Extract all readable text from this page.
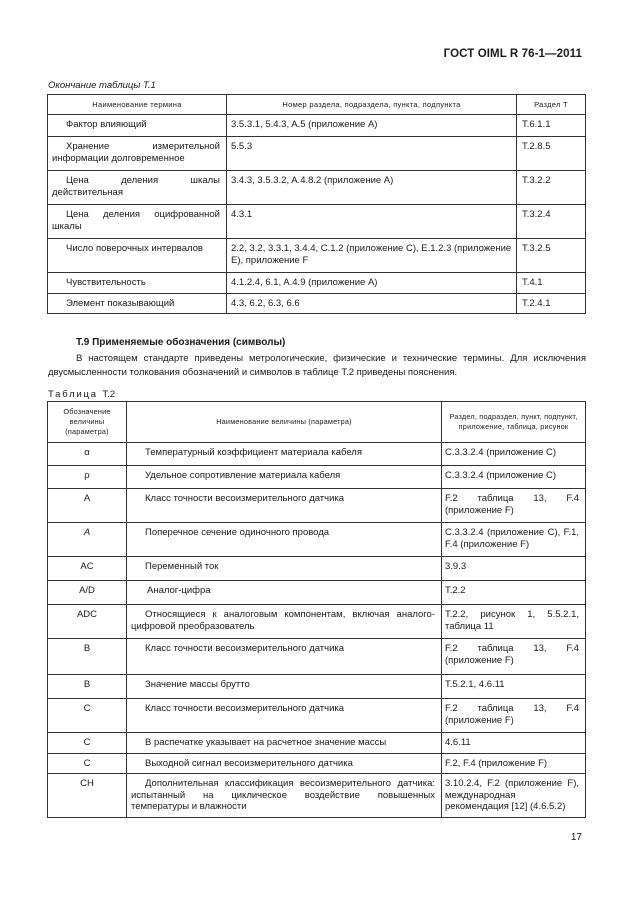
ГОСТ OIML R 76-1—2011
Окончание таблицы Т.1
Наименование термина	Номер раздела, подраздела, пункта, подпункта	Раздел Т
Фактор влияющий	3.5.3.1, 5.4.3, A.5 (приложение А)	Т.6.1.1
Хранение измерительной информации долговременное	5.5.3	Т.2.8.5
Цена деления шкалы действительная	3.4.3, 3.5.3.2, A.4.8.2 (приложение А)	Т.3.2.2
Цена деления оцифрованной шкалы	4.3.1	Т.3.2.4
Число поверочных интервалов	2.2, 3.2, 3.3.1, 3.4.4, C.1.2 (приложение С), E.1.2.3 (приложение Е), приложение F	Т.3.2.5
Чувствительность	4.1.2.4, 6.1, A.4.9 (приложение А)	Т.4.1
Элемент показывающий	4.3, 6.2, 6.3, 6.6	Т.2.4.1
Т.9 Применяемые обозначения (символы)

В настоящем стандарте приведены метрологические, физические и технические термины. Для исключения двусмысленности толкования обозначений и символов в таблице Т.2 приведены пояснения.

Таблица Т.2
Обозначение величины (параметра)	Наименование величины (параметра)	Раздел, подраздел, пункт, подпункт, приложение, таблица, рисунок
α	Температурный коэффициент материала кабеля	C.3.3.2.4 (приложение С)
ρ	Удельное сопротивление материала кабеля	C.3.3.2.4 (приложение С)
A	Класс точности весоизмерительного датчика	F.2 таблица 13, F.4 (приложение F)
A	Поперечное сечение одиночного провода	C.3.3.2.4 (приложение С), F.1, F.4 (приложение F)
AC	Переменный ток	3.9.3
A/D	Аналог-цифра	Т.2.2
ADC	Относящиеся к аналоговым компонентам, включая аналого-цифровой преобразователь	Т.2.2, рисунок 1, 5.5.2.1, таблица 11
B	Класс точности весоизмерительного датчика	F.2 таблица 13, F.4 (приложение F)
B	Значение массы брутто	Т.5.2.1, 4.6.11
C	Класс точности весоизмерительного датчика	F.2 таблица 13, F.4 (приложение F)
C	В распечатке указывает на расчетное значение массы	4.6.11
C	Выходной сигнал весоизмерительного датчика	F.2, F.4 (приложение F)
CH	Дополнительная классификация весоизмерительного датчика: испытанный на циклическое воздействие повышенных температуры и влажности	3.10.2.4, F.2 (приложение F), международная рекомендация [12] (4.6.5.2)
17
